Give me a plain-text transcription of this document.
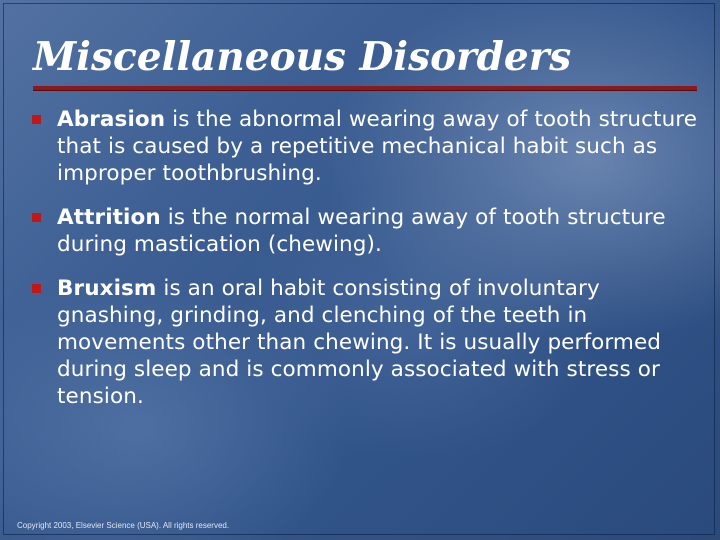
Miscellaneous Disorders

Abrasion is the abnormal wearing away of tooth structure that is caused by a repetitive mechanical habit such as improper toothbrushing.

Attrition is the normal wearing away of tooth structure during mastication (chewing).

Bruxism is an oral habit consisting of involuntary gnashing, grinding, and clenching of the teeth in movements other than chewing. It is usually performed during sleep and is commonly associated with stress or tension.

Copyright 2003, Elsevier Science (USA). All rights reserved.
